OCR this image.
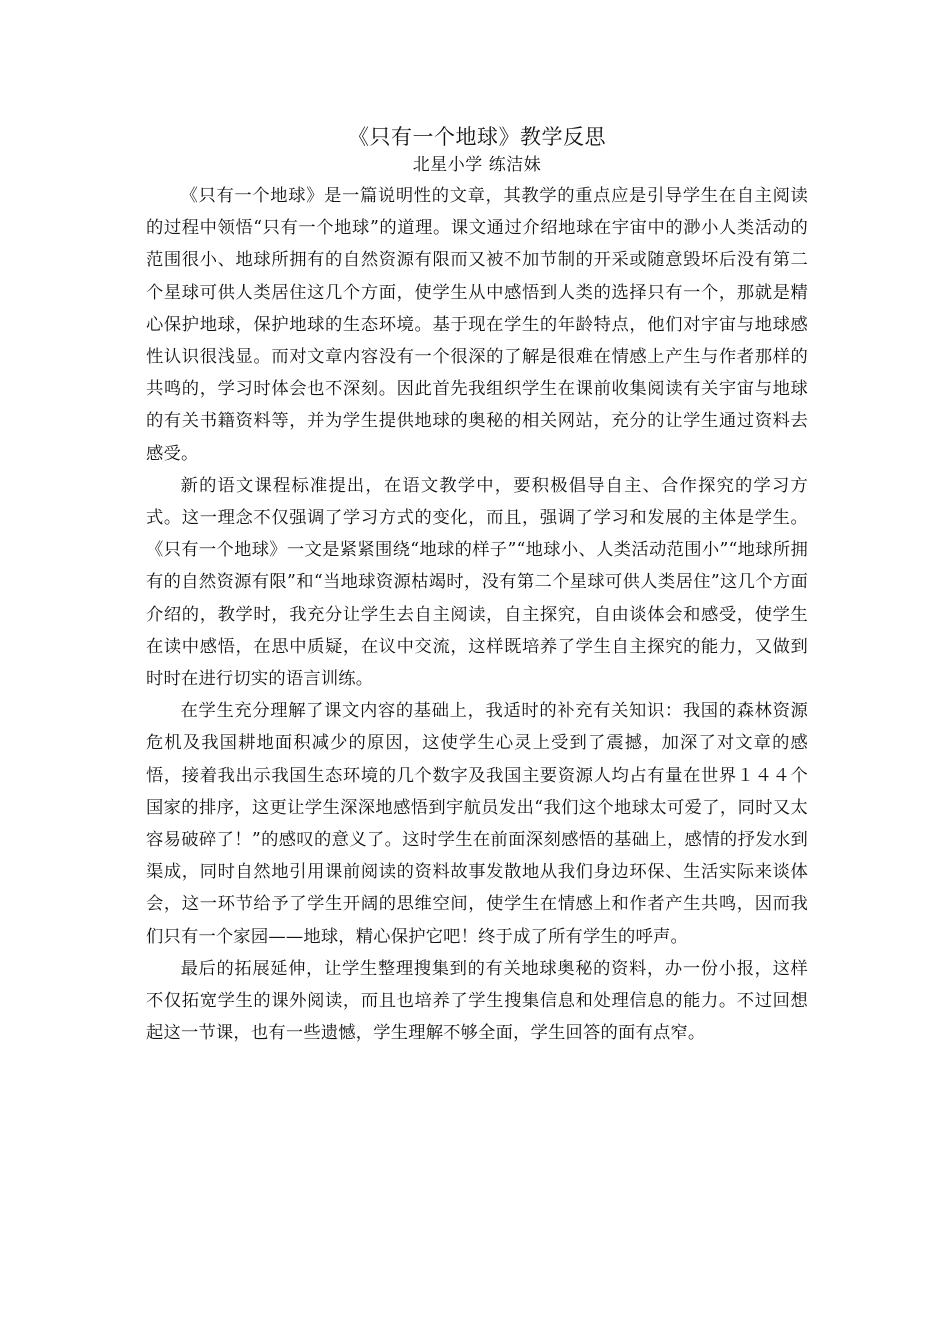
《只有一个地球》教学反思
北星小学 练洁妹

《只有一个地球》是一篇说明性的文章，其教学的重点应是引导学生在自主阅读的过程中领悟“只有一个地球”的道理。课文通过介绍地球在宇宙中的渺小人类活动的范围很小、地球所拥有的自然资源有限而又被不加节制的开采或随意毁坏后没有第二个星球可供人类居住这几个方面，使学生从中感悟到人类的选择只有一个，那就是精心保护地球，保护地球的生态环境。基于现在学生的年龄特点，他们对宇宙与地球感性认识很浅显。而对文章内容没有一个很深的了解是很难在情感上产生与作者那样的共鸣的，学习时体会也不深刻。因此首先我组织学生在课前收集阅读有关宇宙与地球的有关书籍资料等，并为学生提供地球的奥秘的相关网站，充分的让学生通过资料去感受。

新的语文课程标准提出，在语文教学中，要积极倡导自主、合作探究的学习方式。这一理念不仅强调了学习方式的变化，而且，强调了学习和发展的主体是学生。《只有一个地球》一文是紧紧围绕“地球的样子”“地球小、人类活动范围小”“地球所拥有的自然资源有限”和“当地球资源枯竭时，没有第二个星球可供人类居住”这几个方面介绍的，教学时，我充分让学生去自主阅读，自主探究，自由谈体会和感受，使学生在读中感悟，在思中质疑，在议中交流，这样既培养了学生自主探究的能力，又做到时时在进行切实的语言训练。

在学生充分理解了课文内容的基础上，我适时的补充有关知识：我国的森林资源危机及我国耕地面积减少的原因，这使学生心灵上受到了震撼，加深了对文章的感悟，接着我出示我国生态环境的几个数字及我国主要资源人均占有量在世界１４４个国家的排序，这更让学生深深地感悟到宇航员发出“我们这个地球太可爱了，同时又太容易破碎了！”的感叹的意义了。这时学生在前面深刻感悟的基础上，感情的抒发水到渠成，同时自然地引用课前阅读的资料故事发散地从我们身边环保、生活实际来谈体会，这一环节给予了学生开阔的思维空间，使学生在情感上和作者产生共鸣，因而我们只有一个家园——地球，精心保护它吧！终于成了所有学生的呼声。

最后的拓展延伸，让学生整理搜集到的有关地球奥秘的资料，办一份小报，这样不仅拓宽学生的课外阅读，而且也培养了学生搜集信息和处理信息的能力。不过回想起这一节课，也有一些遗憾，学生理解不够全面，学生回答的面有点窄。
